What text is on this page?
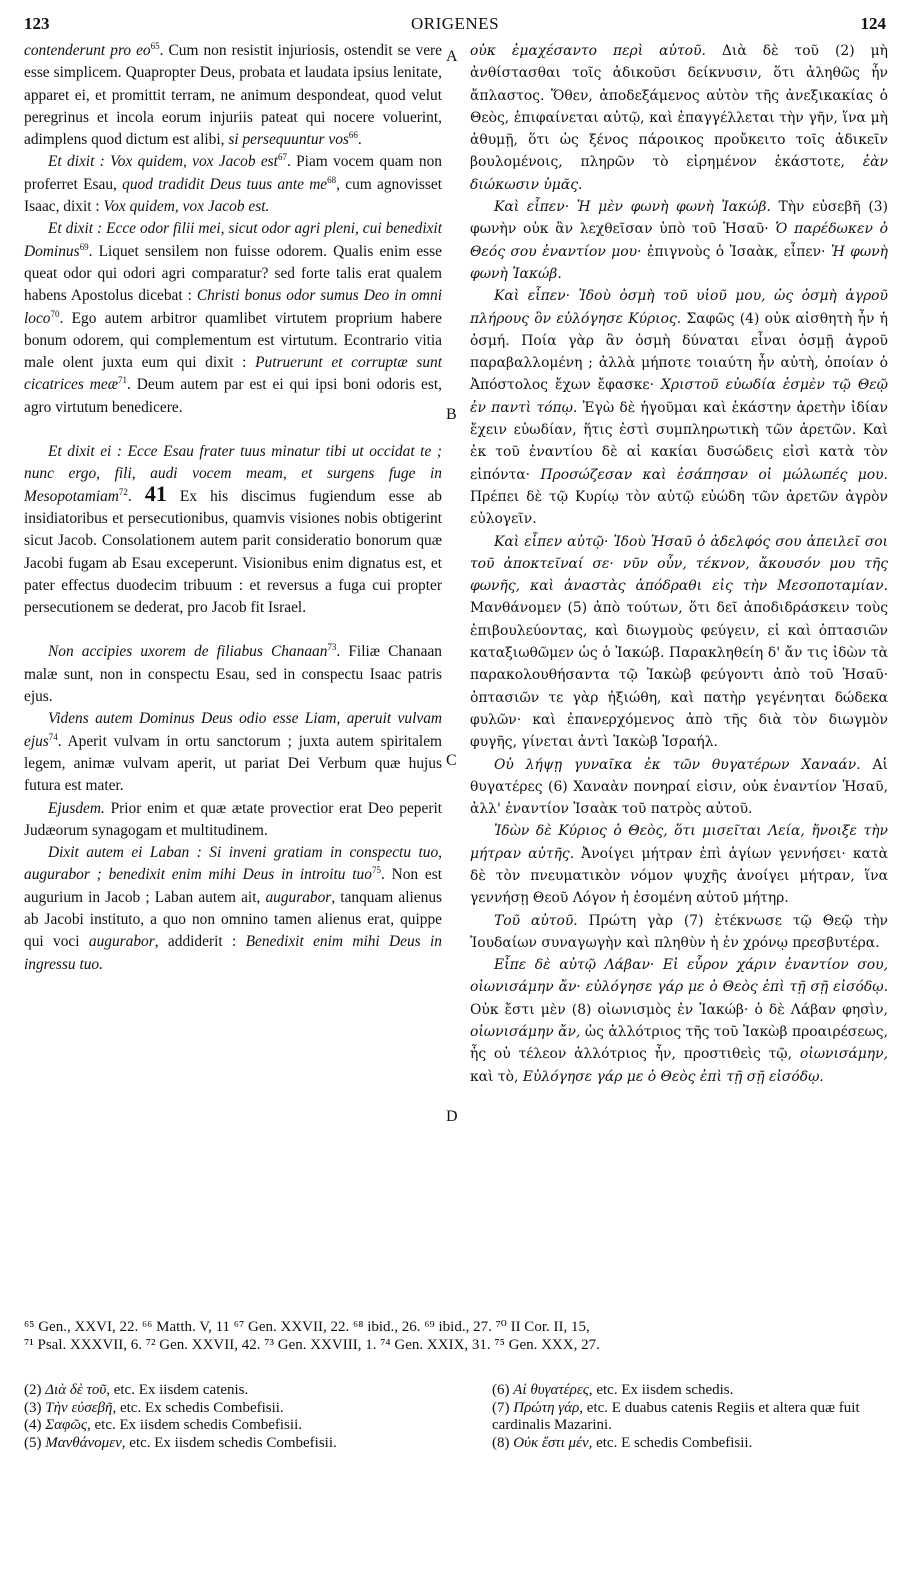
123	ORIGENES	124
A
B
C
D

contenderunt pro $eo^{65}$. Cum non resistit injuriosis, ostendit se vere esse simplicem. Quapropter Deus, probata et laudata ipsius lenitate, apparet ei, et promittit terram, ne animum despondeat, quod velut peregrinus et incola eorum injuriis pateat qui nocere voluerint, adimplens quod dictum est alibi, si persequuntur vos$^{66}$.

Et dixit : Vox quidem, vox Jacob est$^{67}$. Piam vocem quam non proferret Esau, quod tradidit Deus tuus ante $me^{68}$, cum agnovisset Isaac, dixit : Vox quidem, vox Jacob est.

Et dixit : Ecce odor filii mei, sicut odor agri pleni, cui benedixit Dominus$^{69}$. Liquet sensilem non fuisse odorem. Qualis enim esse queat odor qui odori agri comparatur? sed forte talis erat qualem habens Apostolus dicebat : Christi bonus odor sumus Deo in omni loco$^{70}$. Ego autem arbitror quamlibet virtutem proprium habere bonum odorem, qui complementum est virtutum. Econtrario vitia male olent juxta eum qui dixit : Putruerunt et corruptæ sunt cicatrices meæ$^{71}$. Deum autem par est ei qui ipsi boni odoris est, agro virtutum benedicere.

Et dixit ei : Ecce Esau frater tuus minatur tibi ut occidat te ; nunc ergo, fili, audi vocem meam, et surgens fuge in Mesopotamiam$^{72}$. 41 Ex his discimus fugiendum esse ab insidiatoribus et persecutionibus, quamvis visiones nobis obtigerint sicut Jacob. Consolationem autem parit consideratio bonorum quæ Jacobi fugam ab Esau exceperunt. Visionibus enim dignatus est, et pater effectus duodecim tribuum : et reversus a fuga cui propter persecutionem se dederat, pro Jacob fit Israel.

Non accipies uxorem de filiabus Chanaan$^{73}$. Filiæ Chanaan malæ sunt, non in conspectu Esau, sed in conspectu Isaac patris ejus.

Videns autem Dominus Deus odio esse Liam, aperuit vulvam ejus$^{74}$. Aperit vulvam in ortu sanctorum ; juxta autem spiritalem legem, animæ vulvam aperit, ut pariat Dei Verbum quæ hujus futura est mater.

Ejusdem. Prior enim et quæ ætate provectior erat Deo peperit Judæorum synagogam et multitudinem.

Dixit autem ei Laban : Si inveni gratiam in conspectu tuo, augurabor ; benedixit enim mihi Deus in introitu tuo$^{75}$. Non est augurium in Jacob ; Laban autem ait, augurabor, tanquam alienus ab Jacobi instituto, a quo non omnino tamen alienus erat, quippe qui voci augurabor, addiderit : Benedixit enim mihi Deus in ingressu tuo.

οὐκ ἐμαχέσαντο περὶ αὐτοῦ. Διὰ δὲ τοῦ (2) μὴ ἀνθίστασθαι τοῖς ἀδικοῦσι δείκνυσιν, ὅτι ἀληθῶς ἦν ἄπλαστος. Ὅθεν, ἀποδεξάμενος αὐτὸν τῆς ἀνεξικακίας ὁ Θεὸς, ἐπιφαίνεται αὐτῷ, καὶ ἐπαγγέλλεται τὴν γῆν, ἵνα μὴ ἀθυμῇ, ὅτι ὡς ξένος πάροικος προὔκειτο τοῖς ἀδικεῖν βουλομένοις, πληρῶν τὸ εἰρημένον ἑκάστοτε, ἐὰν διώκωσιν ὑμᾶς.

Καὶ εἶπεν· Ἡ μὲν φωνὴ φωνὴ Ἰακώβ. Τὴν εὐσεβῆ (3) φωνὴν οὐκ ἂν λεχθεῖσαν ὑπὸ τοῦ Ἡσαῦ· Ὁ παρέδωκεν ὁ Θεός σου ἐναντίον μου· ἐπιγνοὺς ὁ Ἰσαὰκ, εἶπεν· Ἡ φωνὴ φωνὴ Ἰακώβ.

Καὶ εἶπεν· Ἰδοὺ ὀσμὴ τοῦ υἱοῦ μου, ὡς ὀσμὴ ἀγροῦ πλήρους ὃν εὐλόγησε Κύριος. Σαφῶς (4) οὐκ αἰσθητὴ ἦν ἡ ὀσμή. Ποία γὰρ ἂν ὀσμὴ δύναται εἶναι ὀσμῇ ἀγροῦ παραβαλλομένη ; ἀλλὰ μήποτε τοιαύτη ἦν αὐτὴ, ὁποίαν ὁ Ἀπόστολος ἔχων ἔφασκε· Χριστοῦ εὐωδία ἐσμὲν τῷ Θεῷ ἐν παντὶ τόπῳ. Ἐγὼ δὲ ἡγοῦμαι καὶ ἑκάστην ἀρετὴν ἰδίαν ἔχειν εὐωδίαν, ἥτις ἐστὶ συμπληρωτικὴ τῶν ἀρετῶν. Καὶ ἐκ τοῦ ἐναντίου δὲ αἱ κακίαι δυσώδεις εἰσὶ κατὰ τὸν εἰπόντα· Προσώζεσαν καὶ ἐσάπησαν οἱ μώλωπές μου. Πρέπει δὲ τῷ Κυρίῳ τὸν αὐτῷ εὐώδη τῶν ἀρετῶν ἀγρὸν εὐλογεῖν.

Καὶ εἶπεν αὐτῷ· Ἰδοὺ Ἡσαῦ ὁ ἀδελφός σου ἀπειλεῖ σοι τοῦ ἀποκτεῖναί σε· νῦν οὖν, τέκνον, ἄκουσόν μου τῆς φωνῆς, καὶ ἀναστὰς ἀπόδραθι εἰς τὴν Μεσοποταμίαν. Μανθάνομεν (5) ἀπὸ τούτων, ὅτι δεῖ ἀποδιδράσκειν τοὺς ἐπιβουλεύοντας, καὶ διωγμοὺς φεύγειν, εἰ καὶ ὀπτασιῶν καταξιωθῶμεν ὡς ὁ Ἰακώβ. Παρακληθείη δ' ἄν τις ἰδὼν τὰ παρακολουθήσαντα τῷ Ἰακὼβ φεύγοντι ἀπὸ τοῦ Ἡσαῦ· ὀπτασιῶν τε γὰρ ἠξιώθη, καὶ πατὴρ γεγένηται δώδεκα φυλῶν· καὶ ἐπανερχόμενος ἀπὸ τῆς διὰ τὸν διωγμὸν φυγῆς, γίνεται ἀντὶ Ἰακὼβ Ἰσραήλ.

Οὐ λήψῃ γυναῖκα ἐκ τῶν θυγατέρων Χαναάν. Αἱ θυγατέρες (6) Χαναὰν πονηραί εἰσιν, οὐκ ἐναντίον Ἡσαῦ, ἀλλ' ἐναντίον Ἰσαὰκ τοῦ πατρὸς αὐτοῦ.

Ἰδὼν δὲ Κύριος ὁ Θεὸς, ὅτι μισεῖται Λεία, ἤνοιξε τὴν μήτραν αὐτῆς. Ἀνοίγει μήτραν ἐπὶ ἁγίων γεννήσει· κατὰ δὲ τὸν πνευματικὸν νόμον ψυχῆς ἀνοίγει μήτραν, ἵνα γεννήσῃ Θεοῦ Λόγον ἡ ἐσομένη αὐτοῦ μήτηρ.

Τοῦ αὐτοῦ. Πρώτη γὰρ (7) ἐτέκνωσε τῷ Θεῷ τὴν Ἰουδαίων συναγωγὴν καὶ πληθὺν ἡ ἐν χρόνῳ πρεσβυτέρα.

Εἶπε δὲ αὐτῷ Λάβαν· Εἰ εὗρον χάριν ἐναντίον σου, οἰωνισάμην ἄν· εὐλόγησε γάρ με ὁ Θεὸς ἐπὶ τῇ σῇ εἰσόδῳ. Οὐκ ἔστι μὲν (8) οἰωνισμὸς ἐν Ἰακώβ· ὁ δὲ Λάβαν φησὶν, οἰωνισάμην ἄν, ὡς ἀλλότριος τῆς τοῦ Ἰακὼβ προαιρέσεως, ἧς οὐ τέλεον ἀλλότριος ἦν, προστιθεὶς τῷ, οἰωνισάμην, καὶ τὸ, Εὐλόγησε γάρ με ὁ Θεὸς ἐπὶ τῇ σῇ εἰσόδῳ.

⁶⁵ Gen., XXVI, 22. ⁶⁶ Matth. V, 11 ⁶⁷ Gen. XXVII, 22. ⁶⁸ ibid., 26. ⁶⁹ ibid., 27. ⁷⁰ II Cor. II, 15,
⁷¹ Psal. XXXVII, 6. ⁷² Gen. XXVII, 42. ⁷³ Gen. XXVIII, 1. ⁷⁴ Gen. XXIX, 31. ⁷⁵ Gen. XXX, 27.
(2) Διὰ δὲ τοῦ, etc. Ex iisdem catenis.
(3) Τὴν εὐσεβῆ, etc. Ex schedis Combefisii.
(4) Σαφῶς, etc. Ex iisdem schedis Combefisii.
(5) Μανθάνομεν, etc. Ex iisdem schedis Combefisii.
(6) Αἱ θυγατέρες, etc. Ex iisdem schedis.
(7) Πρώτη γάρ, etc. E duabus catenis Regiis et altera quæ fuit cardinalis Mazarini.
(8) Οὐκ ἔστι μέν, etc. E schedis Combefisii.
